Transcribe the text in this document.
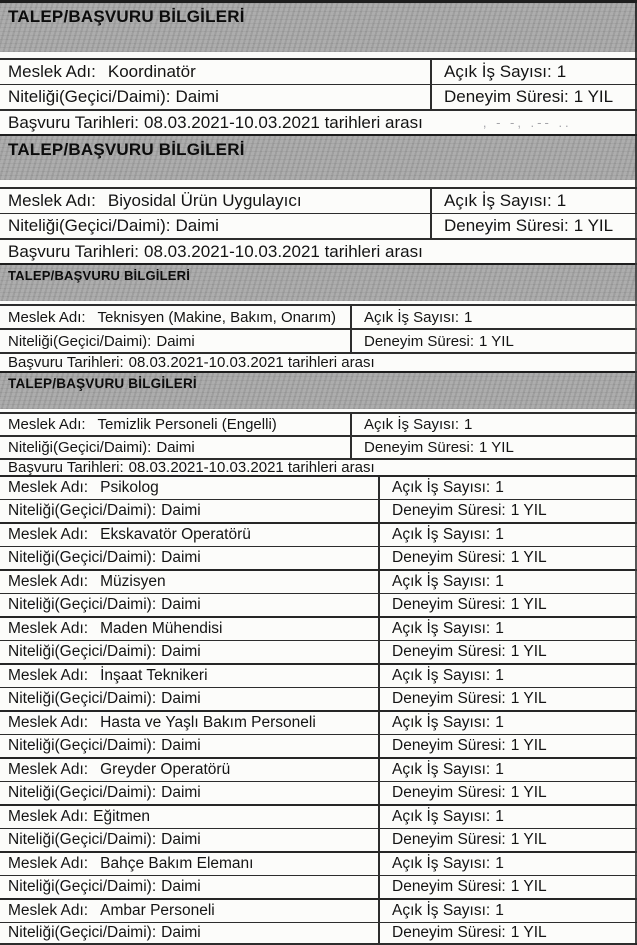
TALEP/BAŞVURU BİLGİLERİ
Meslek Adı: Koordinatör	Açık İş Sayısı: 1
Niteliği(Geçici/Daimi): Daimi	Deneyim Süresi: 1 YIL
Başvuru Tarihleri: 08.03.2021-10.03.2021 tarihleri arası	, - -, .-- ..
TALEP/BAŞVURU BİLGİLERİ
Meslek Adı: Biyosidal Ürün Uygulayıcı	Açık İş Sayısı: 1
Niteliği(Geçici/Daimi): Daimi	Deneyim Süresi: 1 YIL
Başvuru Tarihleri: 08.03.2021-10.03.2021 tarihleri arası
TALEP/BAŞVURU BİLGİLERİ
Meslek Adı: Teknisyen (Makine, Bakım, Onarım) Açık İş Sayısı: 1
Niteliği(Geçici/Daimi): Daimi	Deneyim Süresi: 1 YIL
Başvuru Tarihleri: 08.03.2021-10.03.2021 tarihleri arası
TALEP/BAŞVURU BİLGİLERİ
Meslek Adı: Temizlik Personeli (Engelli)	Açık İş Sayısı: 1
Niteliği(Geçici/Daimi): Daimi	Deneyim Süresi: 1 YIL
Başvuru Tarihleri: 08.03.2021-10.03.2021 tarihleri arası
Meslek Adı: Psikolog	Açık İş Sayısı: 1
Niteliği(Geçici/Daimi): Daimi	Deneyim Süresi: 1 YIL
Meslek Adı: Ekskavatör Operatörü	Açık İş Sayısı: 1
Niteliği(Geçici/Daimi): Daimi	Deneyim Süresi: 1 YIL
Meslek Adı: Müzisyen	Açık İş Sayısı: 1
Niteliği(Geçici/Daimi): Daimi	Deneyim Süresi: 1 YIL
Meslek Adı: Maden Mühendisi	Açık İş Sayısı: 1
Niteliği(Geçici/Daimi): Daimi	Deneyim Süresi: 1 YIL
Meslek Adı: İnşaat Teknikeri	Açık İş Sayısı: 1
Niteliği(Geçici/Daimi): Daimi	Deneyim Süresi: 1 YIL
Meslek Adı: Hasta ve Yaşlı Bakım Personeli	Açık İş Sayısı: 1
Niteliği(Geçici/Daimi): Daimi	Deneyim Süresi: 1 YIL
Meslek Adı: Greyder Operatörü	Açık İş Sayısı: 1
Niteliği(Geçici/Daimi): Daimi	Deneyim Süresi: 1 YIL
Meslek Adı: Eğitmen	Açık İş Sayısı: 1
Niteliği(Geçici/Daimi): Daimi	Deneyim Süresi: 1 YIL
Meslek Adı: Bahçe Bakım Elemanı	Açık İş Sayısı: 1
Niteliği(Geçici/Daimi): Daimi	Deneyim Süresi: 1 YIL
Meslek Adı: Ambar Personeli	Açık İş Sayısı: 1
Niteliği(Geçici/Daimi): Daimi	Deneyim Süresi: 1 YIL
